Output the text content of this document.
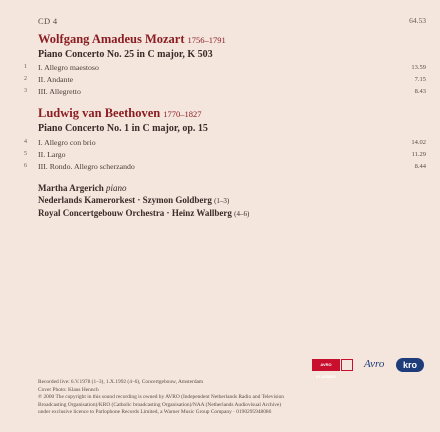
CD 4	64.53
Wolfgang Amadeus Mozart 1756–1791
Piano Concerto No. 25 in C major, K 503
1 I. Allegro maestoso	13.59
2 II. Andante	7.15
3 III. Allegretto	8.43
Ludwig van Beethoven 1770–1827
Piano Concerto No. 1 in C major, op. 15
4 I. Allegro con brio	14.02
5 II. Largo	11.29
6 III. Rondo. Allegro scherzando	8.44
Martha Argerich piano
Nederlands Kamerorkest · Szymon Goldberg (1–3)
Royal Concertgebouw Orchestra · Heinz Wallberg (4–6)
AVRO KLASSIEK
Avro	kro
Recorded live: 6.V.1978 (1–3), 1.X.1992 (4–6), Concertgebouw, Amsterdam
Cover Photo: Klaus Hennch
℗ 2000 The copyright in this sound recording is owned by AVRO (Independent Netherlands Radio and Television
Broadcasting Organisation)/KRO (Catholic broadcasting Organisation)/NAA (Netherlands Audiovisual Archive)
under exclusive licence to Parlophone Records Limited, a Warner Music Group Company · 0190295948086
